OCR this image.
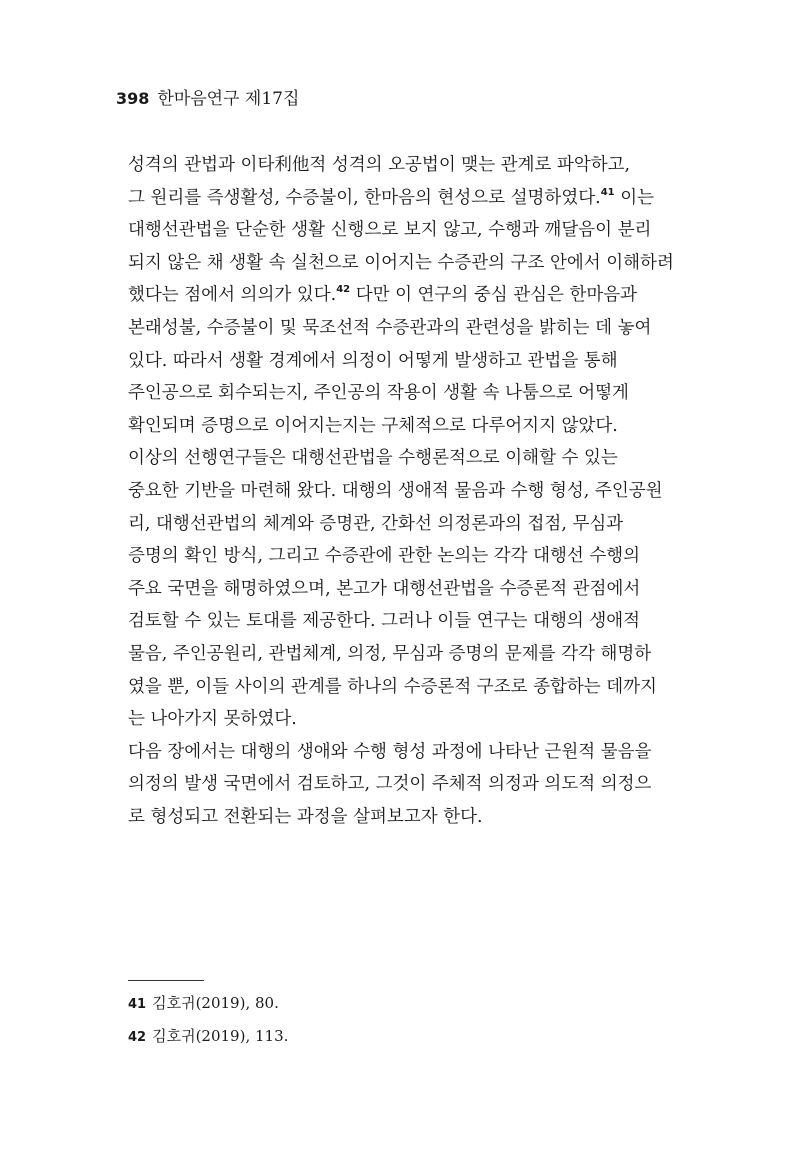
398 한마음연구 제17집
성격의 관법과 이타利他적 성격의 오공법이 맺는 관계로 파악하고,
그 원리를 즉생활성, 수증불이, 한마음의 현성으로 설명하였다.$^{41}$ 이는
대행선관법을 단순한 생활 신행으로 보지 않고, 수행과 깨달음이 분리
되지 않은 채 생활 속 실천으로 이어지는 수증관의 구조 안에서 이해하려
했다는 점에서 의의가 있다.$^{42}$ 다만 이 연구의 중심 관심은 한마음과
본래성불, 수증불이 및 묵조선적 수증관과의 관련성을 밝히는 데 놓여
있다. 따라서 생활 경계에서 의정이 어떻게 발생하고 관법을 통해
주인공으로 회수되는지, 주인공의 작용이 생활 속 나툼으로 어떻게
확인되며 증명으로 이어지는지는 구체적으로 다루어지지 않았다.
이상의 선행연구들은 대행선관법을 수행론적으로 이해할 수 있는
중요한 기반을 마련해 왔다. 대행의 생애적 물음과 수행 형성, 주인공원
리, 대행선관법의 체계와 증명관, 간화선 의정론과의 접점, 무심과
증명의 확인 방식, 그리고 수증관에 관한 논의는 각각 대행선 수행의
주요 국면을 해명하였으며, 본고가 대행선관법을 수증론적 관점에서
검토할 수 있는 토대를 제공한다. 그러나 이들 연구는 대행의 생애적
물음, 주인공원리, 관법체계, 의정, 무심과 증명의 문제를 각각 해명하
였을 뿐, 이들 사이의 관계를 하나의 수증론적 구조로 종합하는 데까지
는 나아가지 못하였다.
다음 장에서는 대행의 생애와 수행 형성 과정에 나타난 근원적 물음을
의정의 발생 국면에서 검토하고, 그것이 주체적 의정과 의도적 의정으
로 형성되고 전환되는 과정을 살펴보고자 한다.
41 김호귀(2019), 80.
42 김호귀(2019), 113.
